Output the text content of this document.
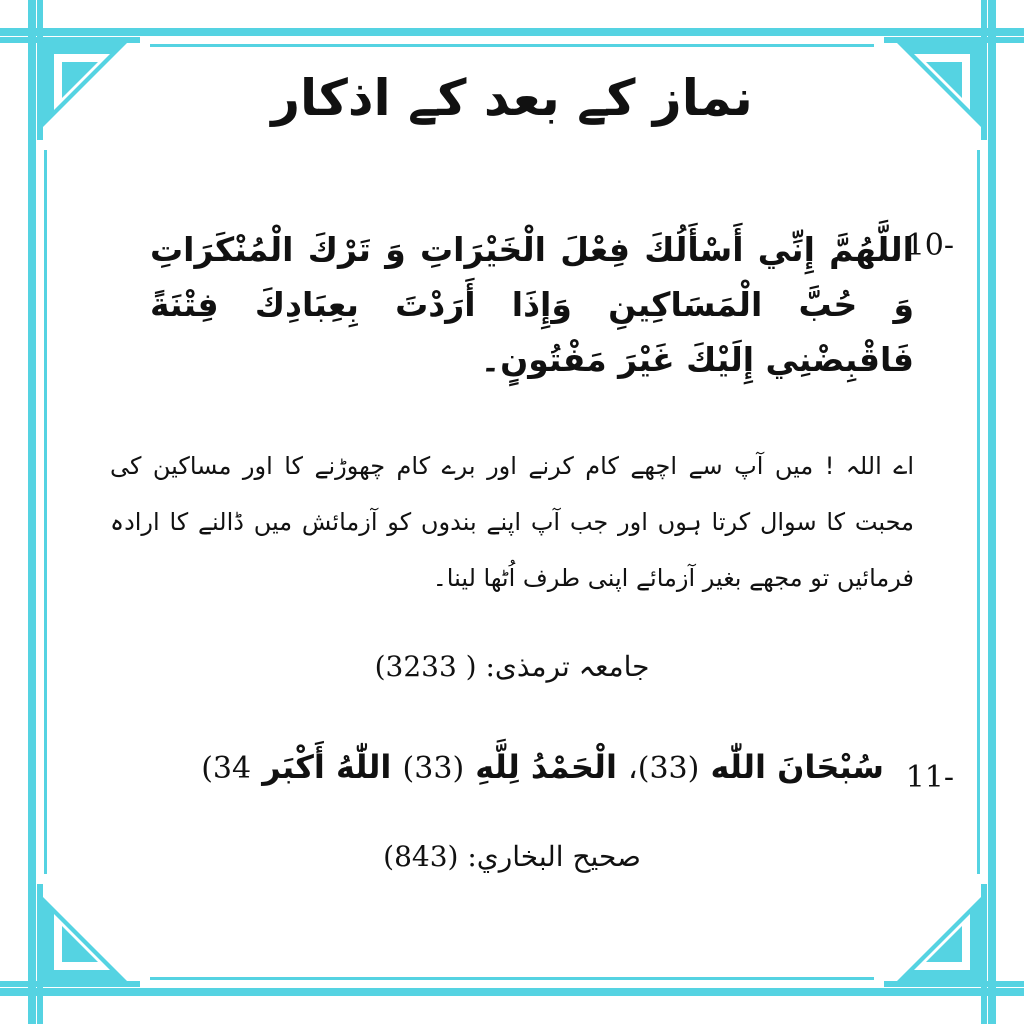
نماز کے بعد کے اذکار
10-
اللَّهُمَّ إِنِّي أَسْأَلُكَ فِعْلَ الْخَيْرَاتِ وَ تَرْكَ الْمُنْكَرَاتِ وَ حُبَّ الْمَسَاكِينِ وَإِذَا أَرَدْتَ بِعِبَادِكَ فِتْنَةً فَاقْبِضْنِي إِلَيْكَ غَيْرَ مَفْتُونٍ۔
اے اللہ ! میں آپ سے اچھے کام کرنے اور برے کام چھوڑنے کا اور مساکین کی محبت کا سوال کرتا ہوں اور جب آپ اپنے بندوں کو آزمائش میں ڈالنے کا ارادہ فرمائیں تو مجھے بغیر آزمائے اپنی طرف اُٹھا لینا۔
جامعہ ترمذی: ( 3233)
11-
سُبْحَانَ اللّٰه (33)، الْحَمْدُ لِلَّهِ (33) اللّٰهُ أَكْبَر 34)
صحيح البخاري: (843)
